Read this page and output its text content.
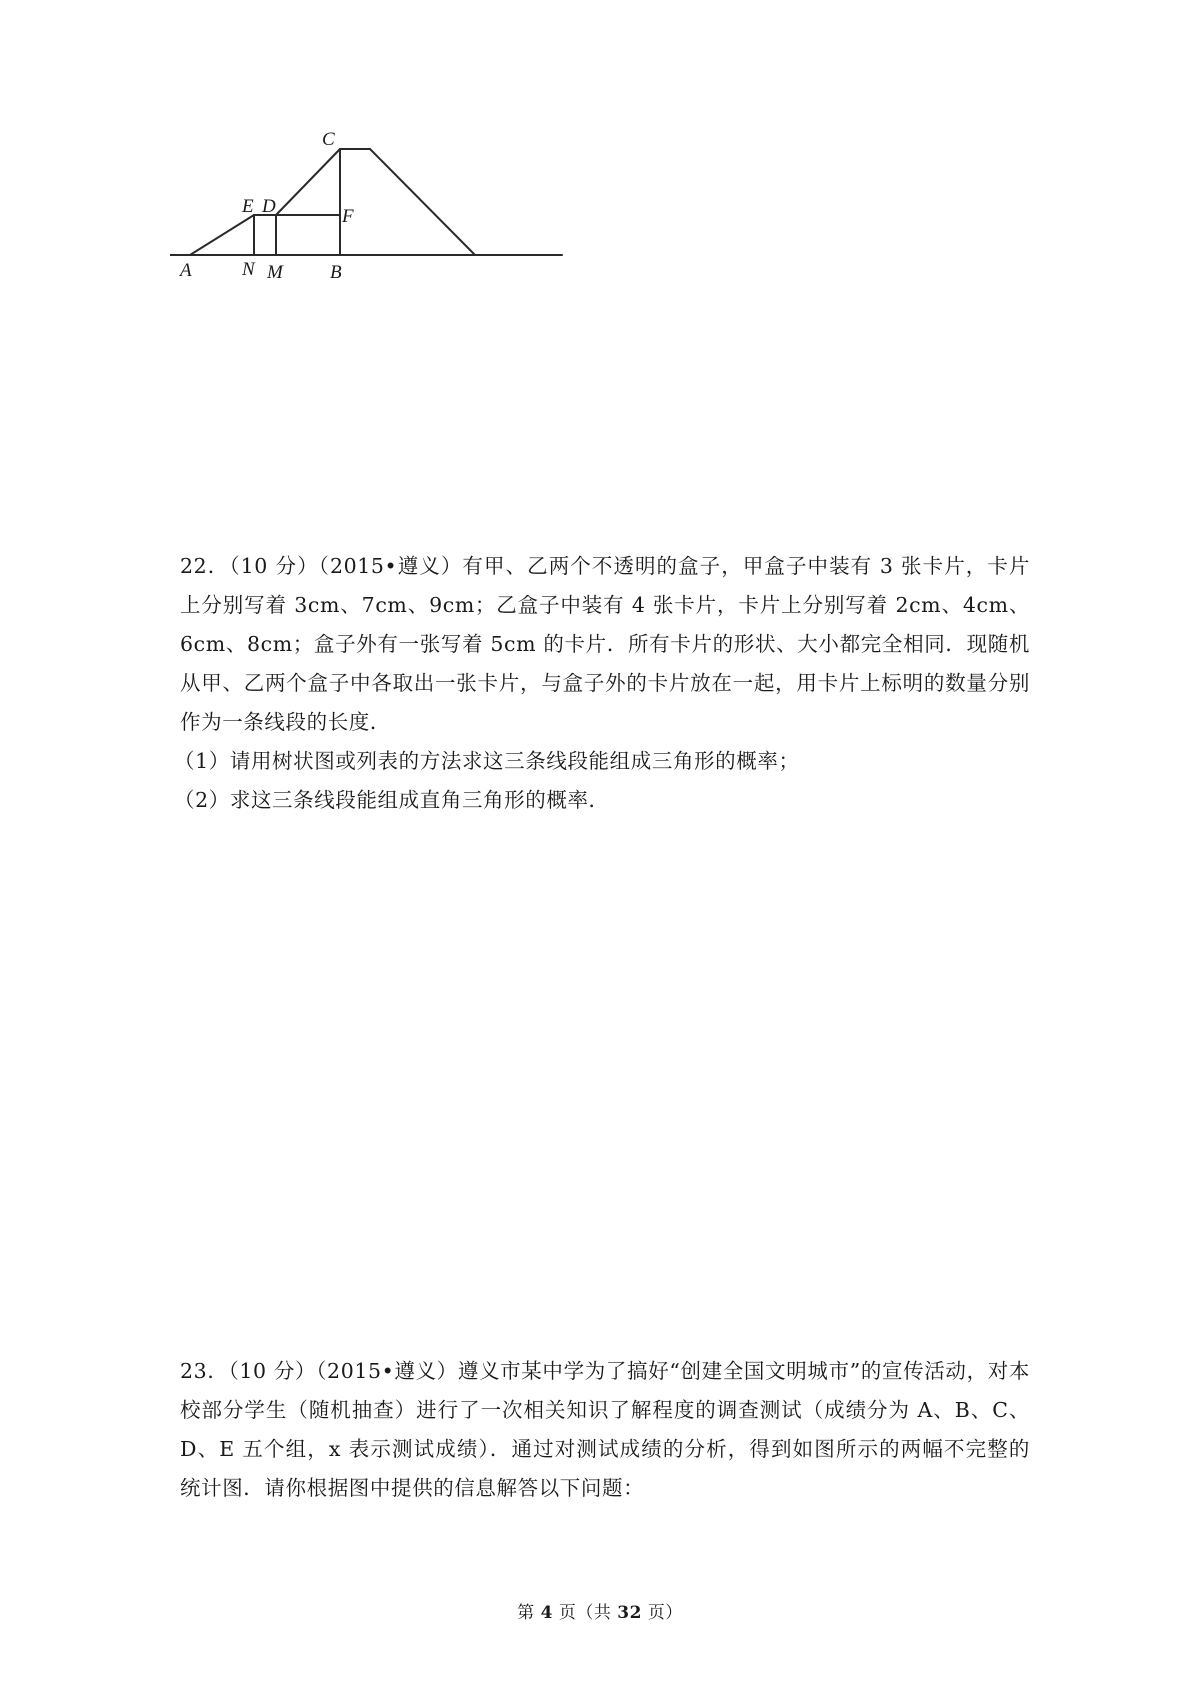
C
E D	F
A	N M B

22．（10 分）（2015•遵义）有甲、乙两个不透明的盒子，甲盒子中装有 3 张卡片，卡片上分别写着 3cm、7cm、9cm；乙盒子中装有 4 张卡片，卡片上分别写着 2cm、4cm、6cm、8cm；盒子外有一张写着 5cm 的卡片．所有卡片的形状、大小都完全相同．现随机从甲、乙两个盒子中各取出一张卡片，与盒子外的卡片放在一起，用卡片上标明的数量分别作为一条线段的长度．

（1）请用树状图或列表的方法求这三条线段能组成三角形的概率；

（2）求这三条线段能组成直角三角形的概率．

23．（10 分）（2015•遵义）遵义市某中学为了搞好“创建全国文明城市”的宣传活动，对本校部分学生（随机抽查）进行了一次相关知识了解程度的调查测试（成绩分为 A、B、C、D、E 五个组，x 表示测试成绩）．通过对测试成绩的分析，得到如图所示的两幅不完整的统计图．请你根据图中提供的信息解答以下问题：

第 4 页（共 32 页）
